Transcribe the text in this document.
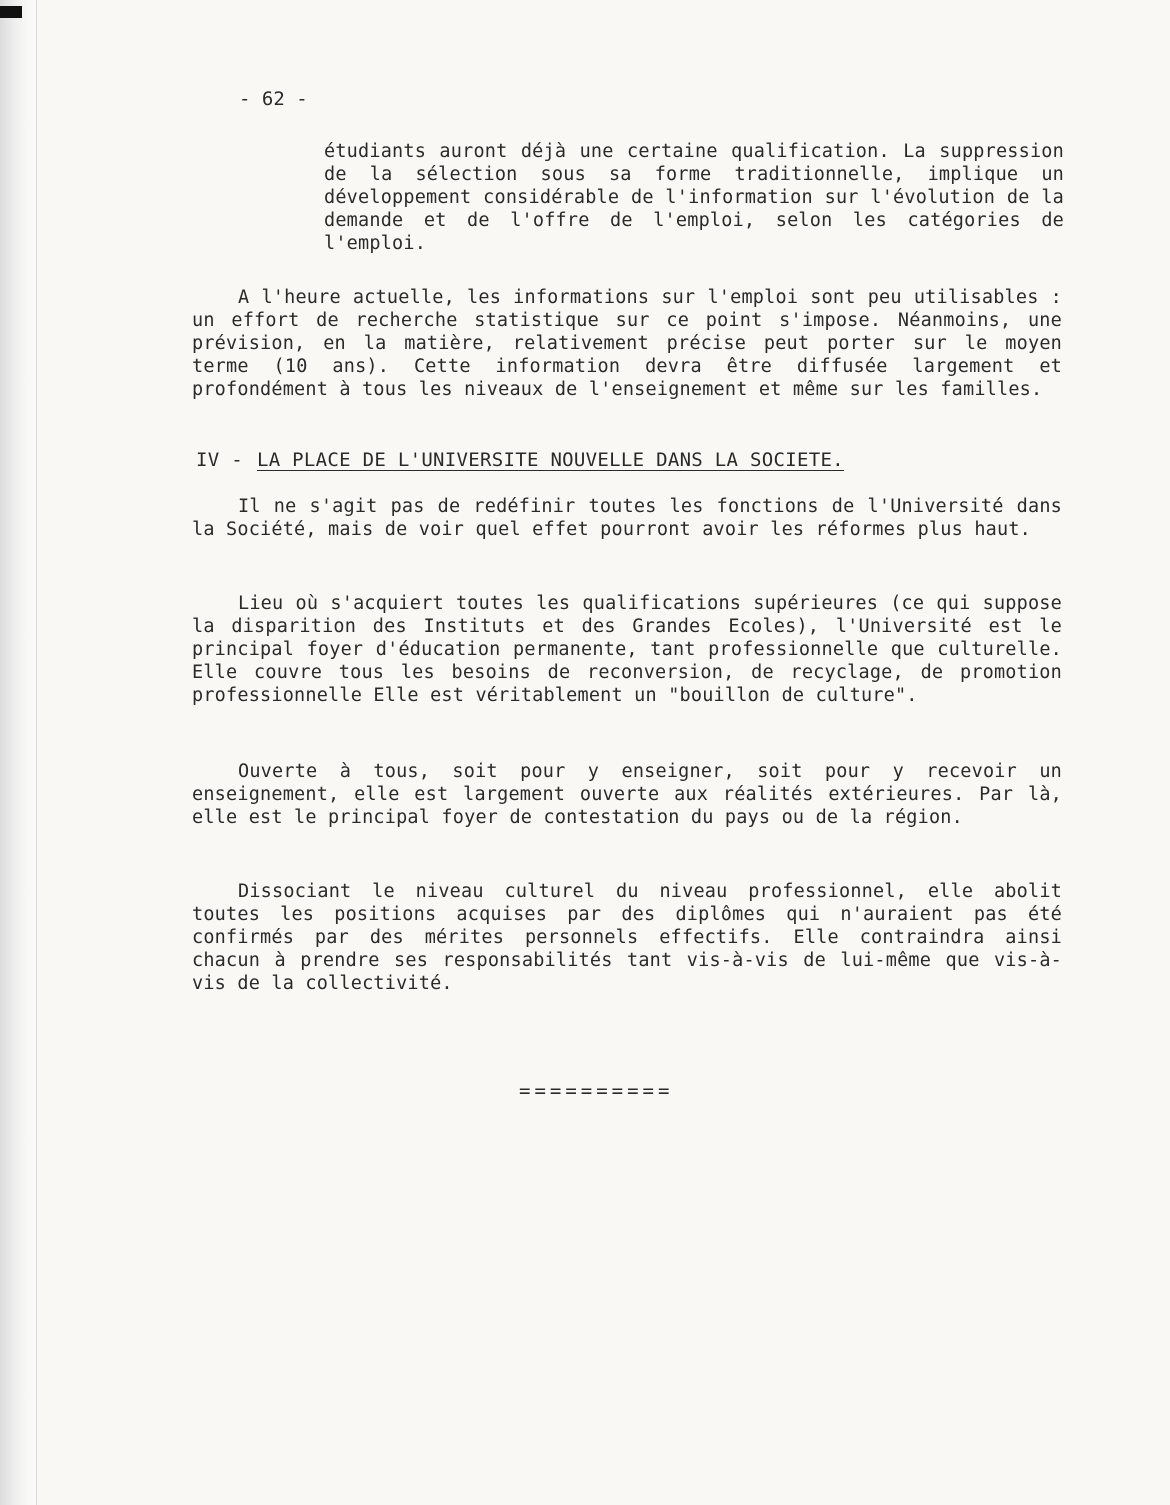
- 62 -

étudiants auront déjà une certaine qualification. La suppression de la sélection sous sa forme traditionnelle, implique un développement considérable de l'information sur l'évolution de la demande et de l'offre de l'emploi, selon les catégories de l'emploi.

A l'heure actuelle, les informations sur l'emploi sont peu utilisables : un effort de recherche statistique sur ce point s'impose. Néanmoins, une prévision, en la matière, relativement précise peut porter sur le moyen terme (10 ans). Cette information devra être diffusée largement et profondément à tous les niveaux de l'enseignement et même sur les familles.

IV - LA PLACE DE L'UNIVERSITE NOUVELLE DANS LA SOCIETE.

Il ne s'agit pas de redéfinir toutes les fonctions de l'Université dans la Société, mais de voir quel effet pourront avoir les réformes plus haut.

Lieu où s'acquiert toutes les qualifications supérieures (ce qui suppose la disparition des Instituts et des Grandes Ecoles), l'Université est le principal foyer d'éducation permanente, tant professionnelle que culturelle. Elle couvre tous les besoins de reconversion, de recyclage, de promotion professionnelle Elle est véritablement un "bouillon de culture".

Ouverte à tous, soit pour y enseigner, soit pour y recevoir un enseignement, elle est largement ouverte aux réalités extérieures. Par là, elle est le principal foyer de contestation du pays ou de la région.

Dissociant le niveau culturel du niveau professionnel, elle abolit toutes les positions acquises par des diplômes qui n'auraient pas été confirmés par des mérites personnels effectifs. Elle contraindra ainsi chacun à prendre ses responsabilités tant vis-à-vis de lui-même que vis-à-vis de la collectivité.

==========
